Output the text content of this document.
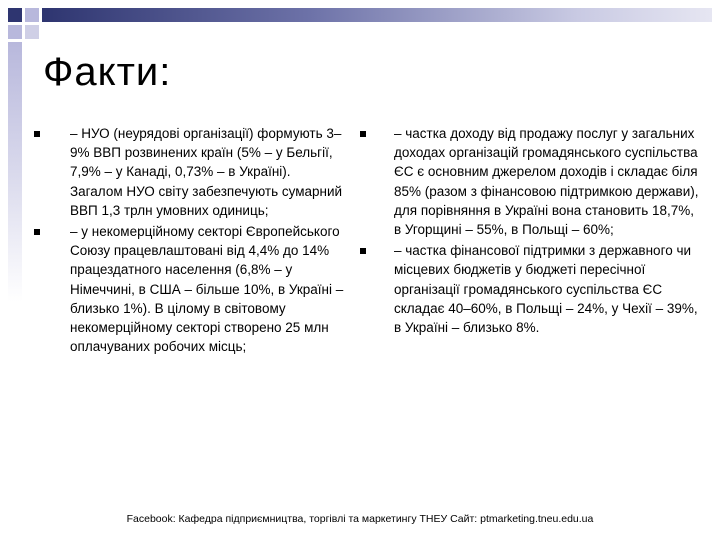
Факти:
– НУО (неурядові організації) формують 3–9% ВВП розвинених країн (5% – у Бельгії, 7,9% – у Канаді, 0,73% – в Україні). Загалом НУО світу забезпечують сумарний ВВП 1,3 трлн умовних одиниць;
– у некомерційному секторі Європейського Союзу працевлаштовані від 4,4% до 14% працездатного населення (6,8% – у Німеччині, в США – більше 10%, в Україні – близько 1%). В цілому в світовому некомерційному секторі створено 25 млн оплачуваних робочих місць;
– частка доходу від продажу послуг у загальних доходах організацій громадянського суспільства ЄС є основним джерелом доходів і складає біля 85% (разом з фінансовою підтримкою держави), для порівняння в Україні вона становить 18,7%, в Угорщині – 55%, в Польщі – 60%;
– частка фінансової підтримки з державного чи місцевих бюджетів у бюджеті пересічної організації громадянського суспільства ЄС складає 40–60%, в Польщі – 24%, у Чехії – 39%, в Україні – близько 8%.
Facebook: Кафедра підприємництва, торгівлі та маркетингу ТНЕУ Сайт: ptmarketing.tneu.edu.ua
